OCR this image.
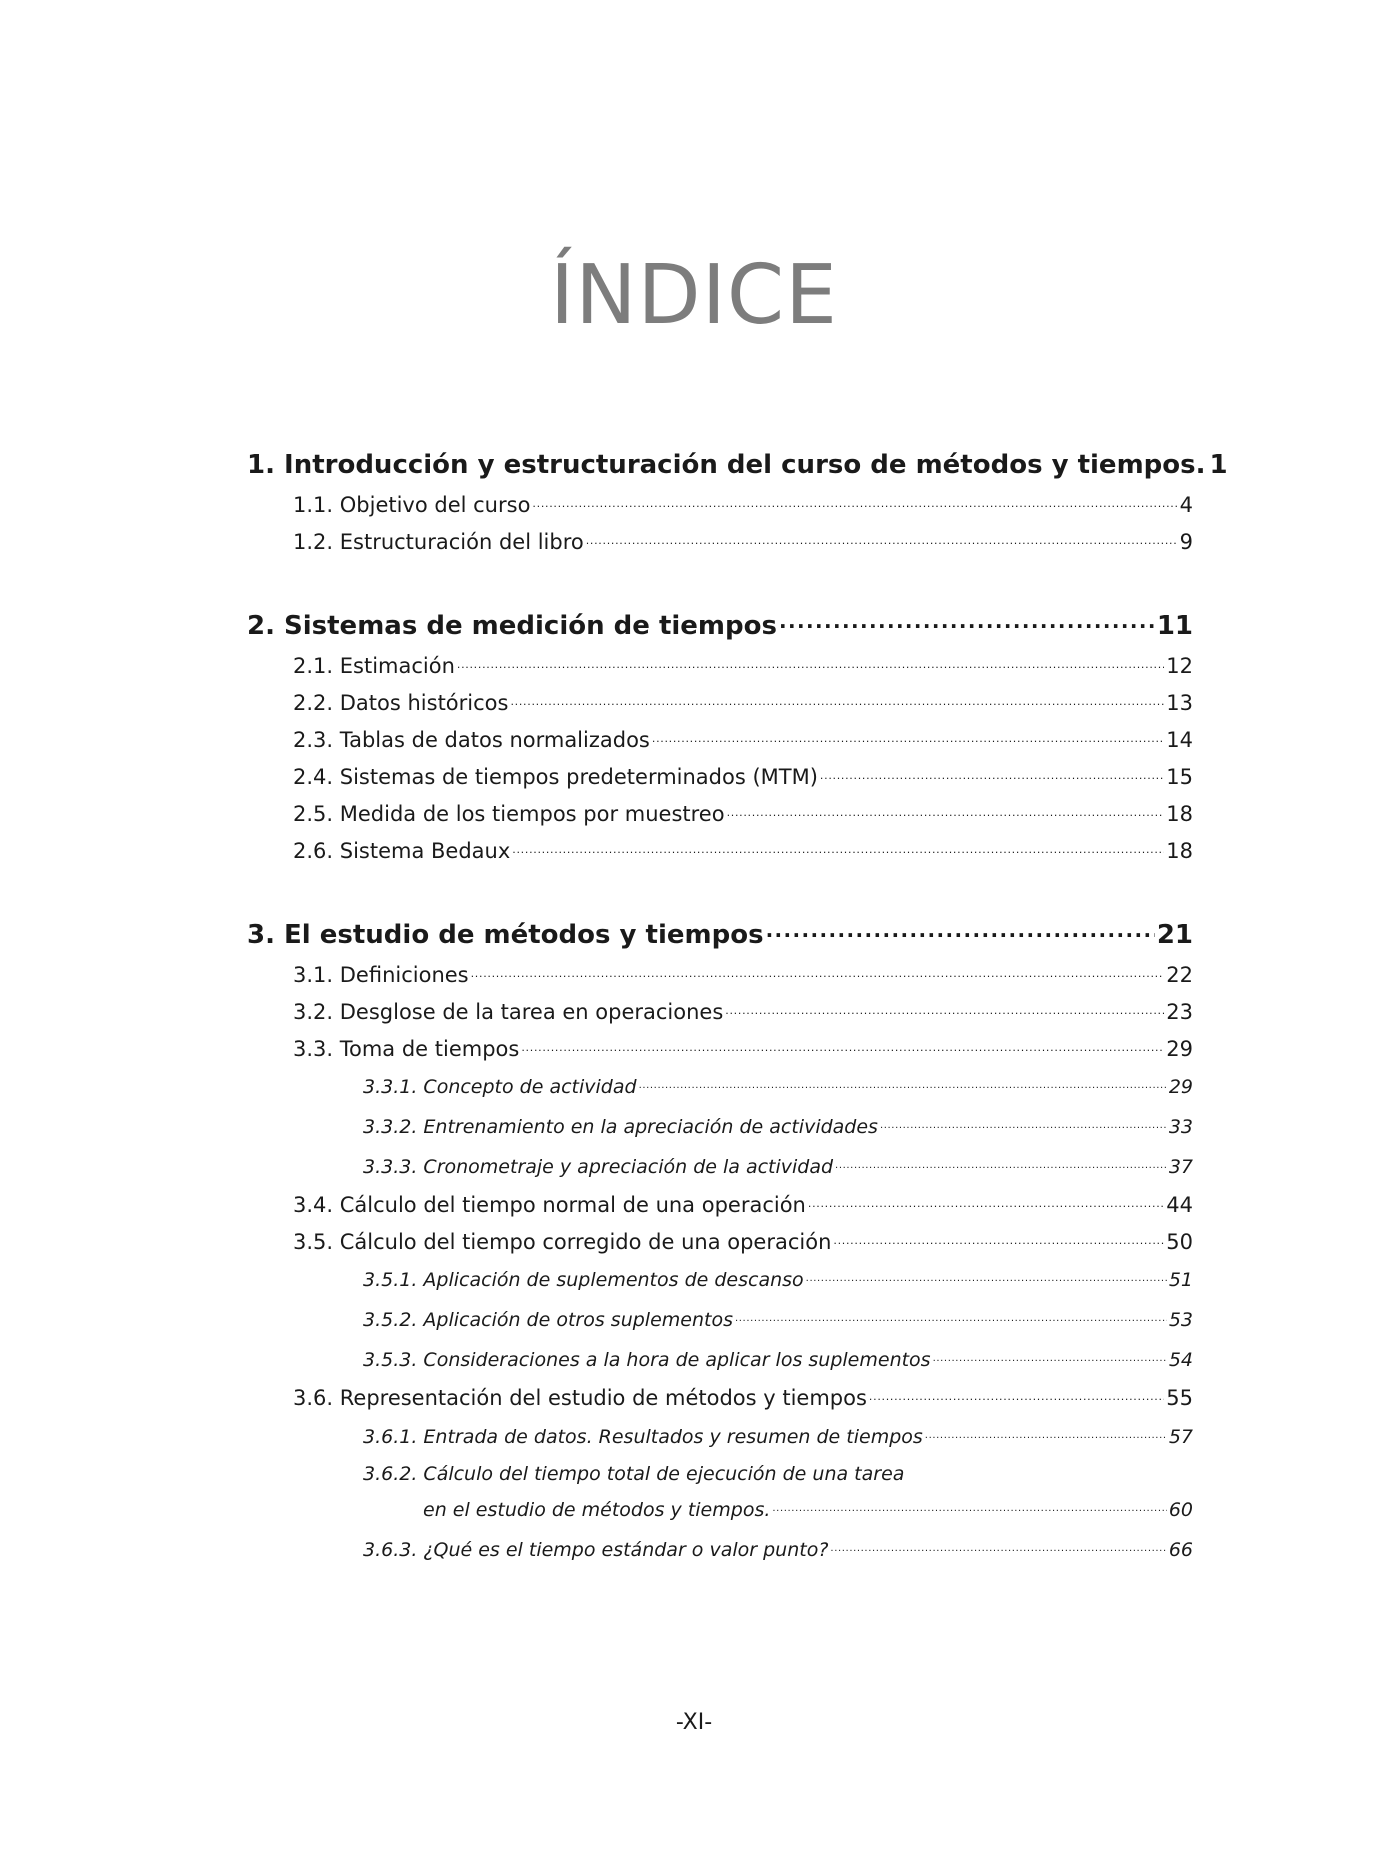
ÍNDICE
1. Introducción y estructuración del curso de métodos y tiempos. 1
1.1. Objetivo del curso .....	4
1.2. Estructuración del libro .....	9
2. Sistemas de medición de tiempos .....	11
2.1. Estimación .....	12
2.2. Datos históricos .....	13
2.3. Tablas de datos normalizados .....	14
2.4. Sistemas de tiempos predeterminados (MTM) .....	15
2.5. Medida de los tiempos por muestreo .....	18
2.6. Sistema Bedaux .....	18
3. El estudio de métodos y tiempos .....	21
3.1. Definiciones .....	22
3.2. Desglose de la tarea en operaciones .....	23
3.3. Toma de tiempos .....	29
3.3.1. Concepto de actividad .....	29
3.3.2. Entrenamiento en la apreciación de actividades .....	33
3.3.3. Cronometraje y apreciación de la actividad .....	37
3.4. Cálculo del tiempo normal de una operación .....	44
3.5. Cálculo del tiempo corregido de una operación .....	50
3.5.1. Aplicación de suplementos de descanso .....	51
3.5.2. Aplicación de otros suplementos .....	53
3.5.3. Consideraciones a la hora de aplicar los suplementos .....	54
3.6. Representación del estudio de métodos y tiempos .....	55
3.6.1. Entrada de datos. Resultados y resumen de tiempos .....	57
3.6.2. Cálculo del tiempo total de ejecución de una tarea
en el estudio de métodos y tiempos. .....	60
3.6.3. ¿Qué es el tiempo estándar o valor punto? .....	66
-XI-
